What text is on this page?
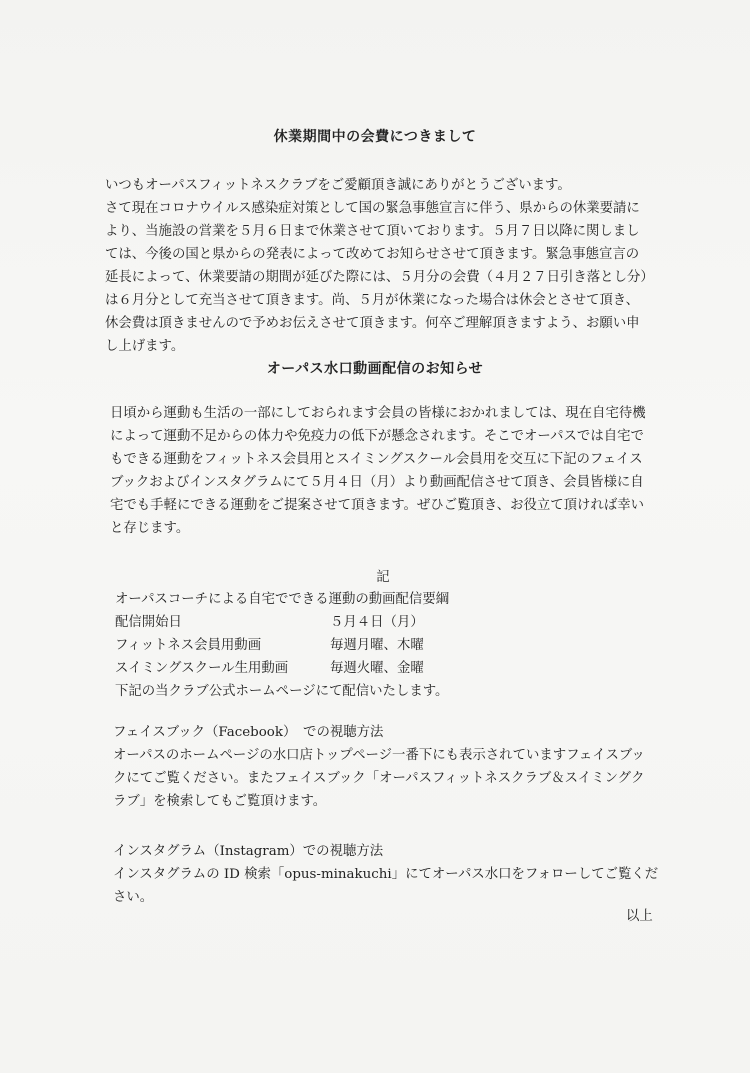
休業期間中の会費につきまして
いつもオーパスフィットネスクラブをご愛顧頂き誠にありがとうございます。
さて現在コロナウイルス感染症対策として国の緊急事態宣言に伴う、県からの休業要請に
より、当施設の営業を５月６日まで休業させて頂いております。５月７日以降に関しまし
ては、今後の国と県からの発表によって改めてお知らせさせて頂きます。緊急事態宣言の
延長によって、休業要請の期間が延びた際には、５月分の会費（４月２７日引き落とし分）
は６月分として充当させて頂きます。尚、５月が休業になった場合は休会とさせて頂き、
休会費は頂きませんので予めお伝えさせて頂きます。何卒ご理解頂きますよう、お願い申
し上げます。
オーパス水口動画配信のお知らせ
日頃から運動も生活の一部にしておられます会員の皆様におかれましては、現在自宅待機
によって運動不足からの体力や免疫力の低下が懸念されます。そこでオーパスでは自宅で
もできる運動をフィットネス会員用とスイミングスクール会員用を交互に下記のフェイス
ブックおよびインスタグラムにて５月４日（月）より動画配信させて頂き、会員皆様に自
宅でも手軽にできる運動をご提案させて頂きます。ぜひご覧頂き、お役立て頂ければ幸い
と存じます。
記
オーパスコーチによる自宅でできる運動の動画配信要綱
配信開始日	５月４日（月）
フィットネス会員用動画	毎週月曜、木曜
スイミングスクール生用動画	毎週火曜、金曜
下記の当クラブ公式ホームページにて配信いたします。
フェイスブック（Facebook）　での視聴方法
オーパスのホームページの水口店トップページ一番下にも表示されていますフェイスブッ
クにてご覧ください。またフェイスブック「オーパスフィットネスクラブ＆スイミングク
ラブ」を検索してもご覧頂けます。
インスタグラム（Instagram）での視聴方法
インスタグラムの ID 検索「opus-minakuchi」にてオーパス水口をフォローしてご覧くだ
さい。
以上
